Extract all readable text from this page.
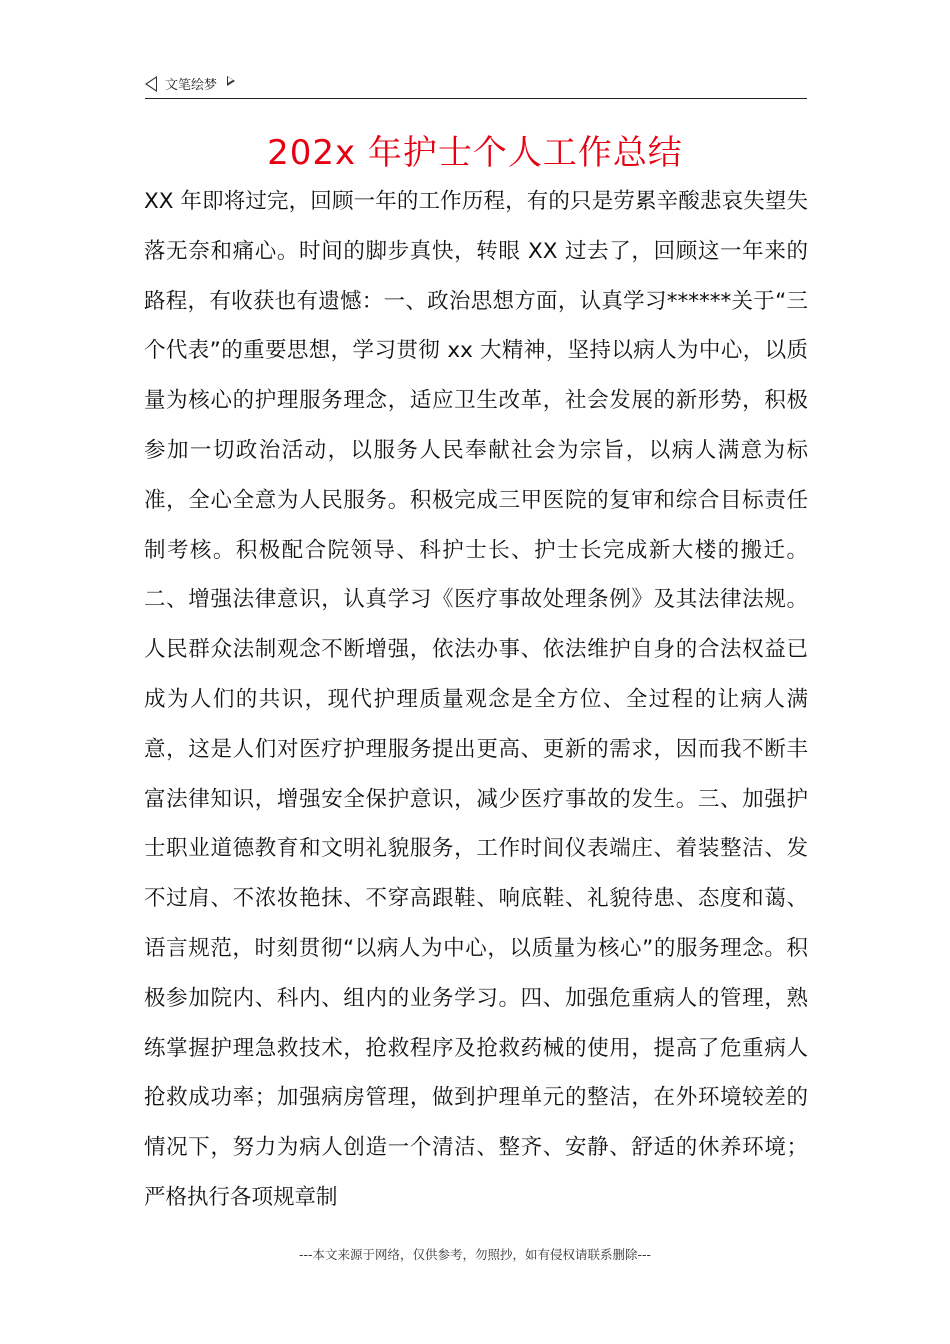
文笔绘梦
202x 年护士个人工作总结

XX 年即将过完，回顾一年的工作历程，有的只是劳累辛酸悲哀失望失落无奈和痛心。时间的脚步真快，转眼 XX 过去了，回顾这一年来的路程，有收获也有遗憾：一、政治思想方面，认真学习******关于“三个代表”的重要思想，学习贯彻 xx 大精神，坚持以病人为中心，以质量为核心的护理服务理念，适应卫生改革，社会发展的新形势，积极参加一切政治活动，以服务人民奉献社会为宗旨，以病人满意为标准，全心全意为人民服务。积极完成三甲医院的复审和综合目标责任制考核。积极配合院领导、科护士长、护士长完成新大楼的搬迁。二、增强法律意识，认真学习《医疗事故处理条例》及其法律法规。人民群众法制观念不断增强，依法办事、依法维护自身的合法权益已成为人们的共识，现代护理质量观念是全方位、全过程的让病人满意，这是人们对医疗护理服务提出更高、更新的需求，因而我不断丰富法律知识，增强安全保护意识，减少医疗事故的发生。三、加强护士职业道德教育和文明礼貌服务，工作时间仪表端庄、着装整洁、发不过肩、不浓妆艳抹、不穿高跟鞋、响底鞋、礼貌待患、态度和蔼、语言规范，时刻贯彻“以病人为中心，以质量为核心”的服务理念。积极参加院内、科内、组内的业务学习。四、加强危重病人的管理，熟练掌握护理急救技术，抢救程序及抢救药械的使用，提高了危重病人抢救成功率；加强病房管理，做到护理单元的整洁，在外环境较差的情况下，努力为病人创造一个清洁、整齐、安静、舒适的休养环境；严格执行各项规章制

---本文来源于网络，仅供参考，勿照抄，如有侵权请联系删除---
